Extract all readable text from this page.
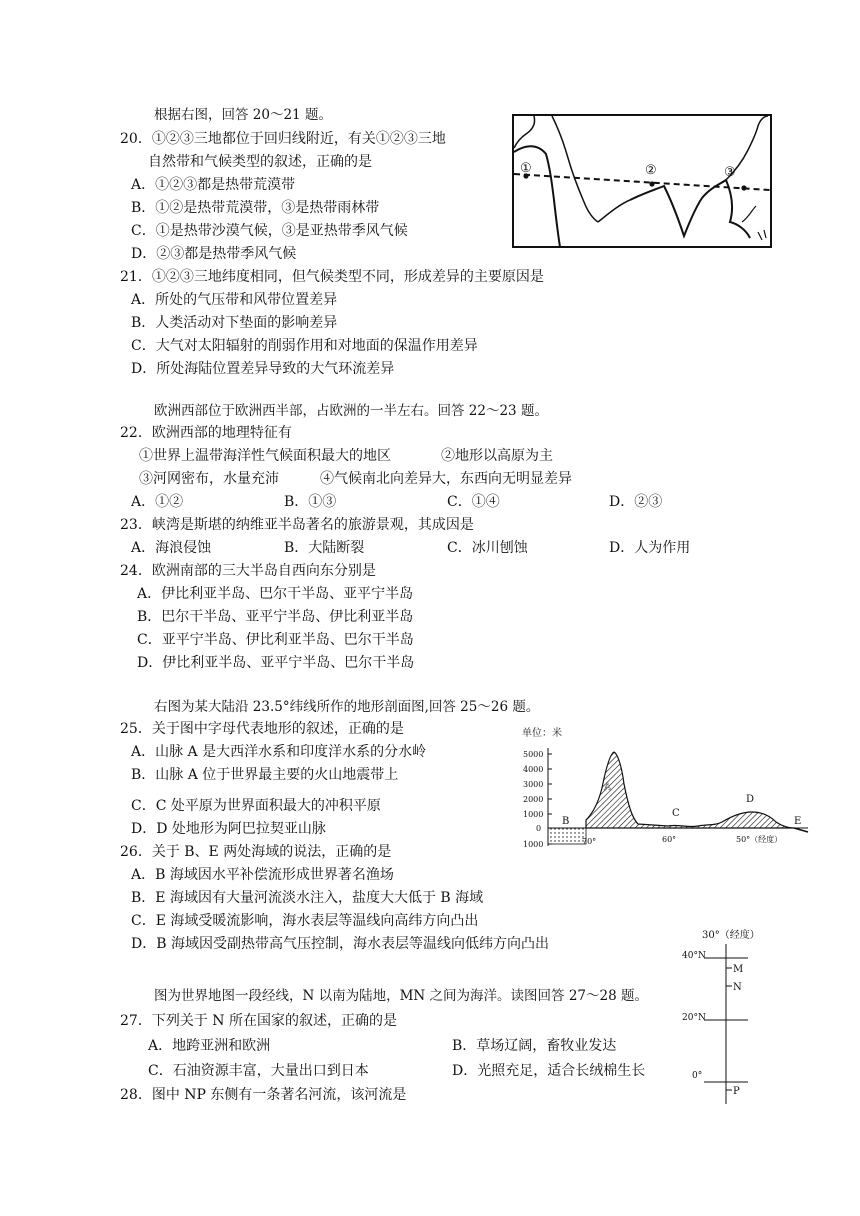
根据右图，回答 20～21 题。
20．①②③三地都位于回归线附近，有关①②③三地
自然带和气候类型的叙述，正确的是
A．①②③都是热带荒漠带
B．①②是热带荒漠带，③是热带雨林带
C．①是热带沙漠气候，③是亚热带季风气候
D．②③都是热带季风气候
21．①②③三地纬度相同，但气候类型不同，形成差异的主要原因是
A．所处的气压带和风带位置差异
B．人类活动对下垫面的影响差异
C．大气对太阳辐射的削弱作用和对地面的保温作用差异
D．所处海陆位置差异导致的大气环流差异
①	②	③
欧洲西部位于欧洲西半部，占欧洲的一半左右。回答 22～23 题。
22．欧洲西部的地理特征有
①世界上温带海洋性气候面积最大的地区	②地形以高原为主
③河网密布，水量充沛	④气候南北向差异大，东西向无明显差异
A．①②	B．①③	C．①④	D．②③
23．峡湾是斯堪的纳维亚半岛著名的旅游景观，其成因是
A．海浪侵蚀	B．大陆断裂	C．冰川刨蚀	D．人为作用
24．欧洲南部的三大半岛自西向东分别是
A．伊比利亚半岛、巴尔干半岛、亚平宁半岛
B．巴尔干半岛、亚平宁半岛、伊比利亚半岛
C．亚平宁半岛、伊比利亚半岛、巴尔干半岛
D．伊比利亚半岛、亚平宁半岛、巴尔干半岛
右图为某大陆沿 23.5°纬线所作的地形剖面图,回答 25～26 题。
25．关于图中字母代表地形的叙述，正确的是
A．山脉 A 是大西洋水系和印度洋水系的分水岭
B．山脉 A 位于世界最主要的火山地震带上
C．C 处平原为世界面积最大的冲积平原
D．D 处地形为阿巴拉契亚山脉
26．关于 B、E 两处海域的说法，正确的是
A．B 海域因水平补偿流形成世界著名渔场
B．E 海域因有大量河流淡水注入，盐度大大低于 B 海域
C．E 海域受暖流影响，海水表层等温线向高纬方向凸出
D．B 海域因受副热带高气压控制，海水表层等温线向低纬方向凸出
单位：米
5000
4000
3000
2000
1000
0
1000	70°	60°	50°（经度）
A
B
C
D
E
图为世界地图一段经线，N 以南为陆地，MN 之间为海洋。读图回答 27～28 题。
27．下列关于 N 所在国家的叙述，正确的是
A．地跨亚洲和欧洲	B．草场辽阔，畜牧业发达
C．石油资源丰富，大量出口到日本	D．光照充足，适合长绒棉生长
28．图中 NP 东侧有一条著名河流，该河流是
30°（经度）
40°N
20°N
0°
M
N
P
